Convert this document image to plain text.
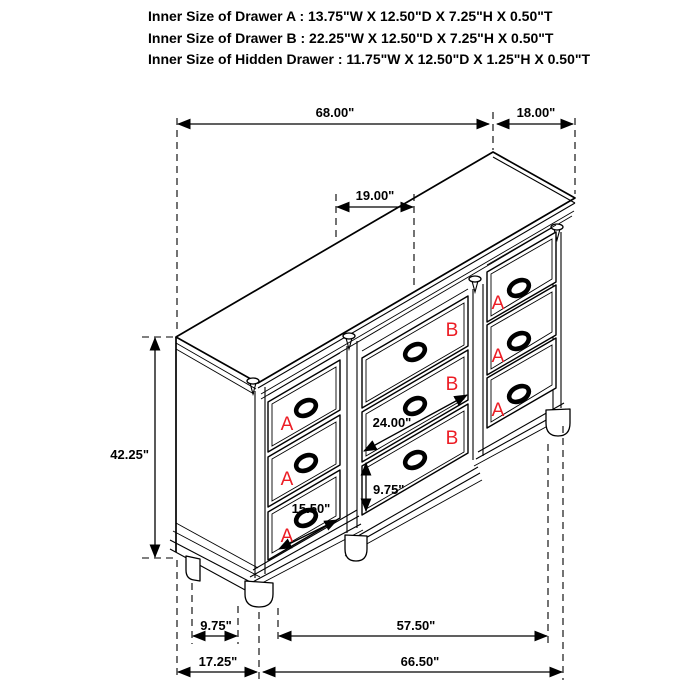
Inner Size of Drawer A : 13.75"W X 12.50"D X 7.25"H X 0.50"T
Inner Size of Drawer B : 22.25"W X 12.50"D X 7.25"H X 0.50"T
Inner Size of Hidden Drawer : 11.75"W X 12.50"D X 1.25"H X 0.50"T
A
A
A
B
B
B
A
A
A
68.00"	18.00"
19.00"
42.25"
24.00"
9.75"
15.50"
9.75"	57.50"
17.25"	66.50"
